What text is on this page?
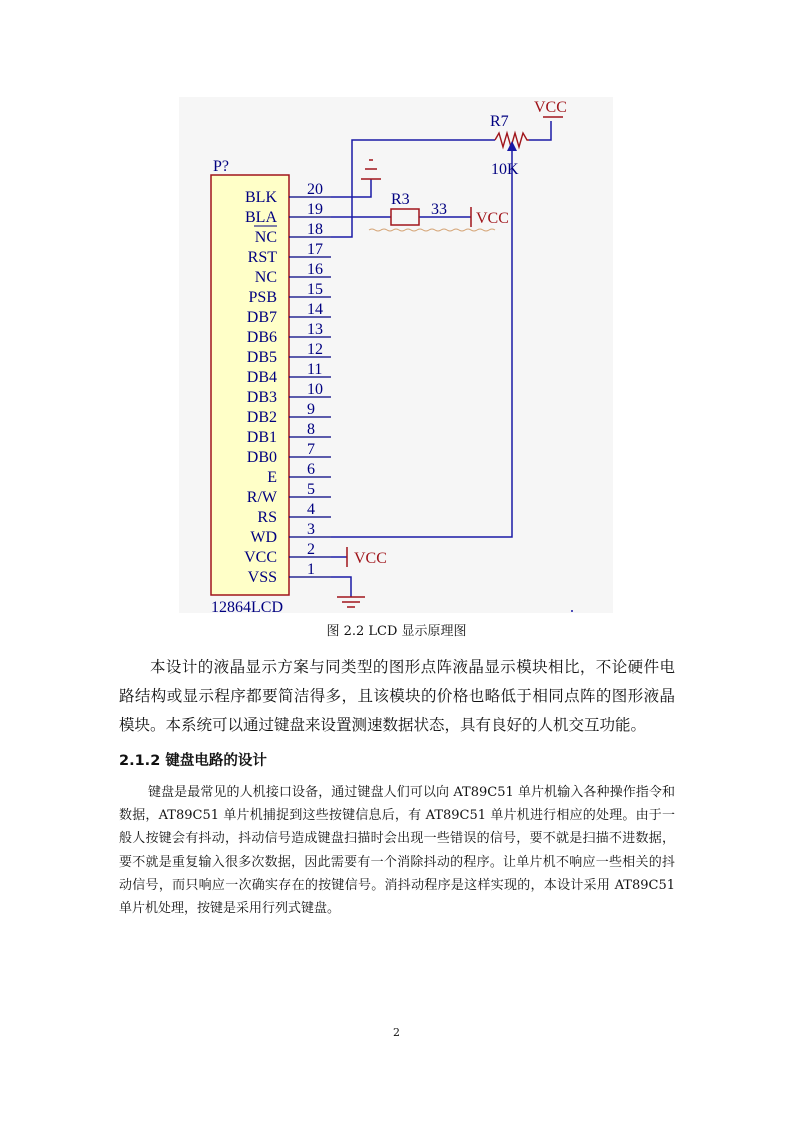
P?
12864LCD
BLK 20
BLA 19
NC 18
RST 17
NC 16
PSB 15
DB7 14
DB6 13
DB5 12
DB4 11
DB3 10
DB2 9
DB1 8
DB0 7
E 6
R/W 5
RS 4
WD 3
VCC 2
VSS 1
R7
10K
VCC
R3
33
VCC
VCC
图 2.2 LCD 显示原理图
本设计的液晶显示方案与同类型的图形点阵液晶显示模块相比，不论硬件电路结构或显示程序都要简洁得多，且该模块的价格也略低于相同点阵的图形液晶模块。本系统可以通过键盘来设置测速数据状态，具有良好的人机交互功能。
2.1.2 键盘电路的设计
键盘是最常见的人机接口设备，通过键盘人们可以向 AT89C51 单片机输入各种操作指令和数据，AT89C51 单片机捕捉到这些按键信息后，有 AT89C51 单片机进行相应的处理。由于一般人按键会有抖动，抖动信号造成键盘扫描时会出现一些错误的信号，要不就是扫描不进数据，要不就是重复输入很多次数据，因此需要有一个消除抖动的程序。让单片机不响应一些相关的抖动信号，而只响应一次确实存在的按键信号。消抖动程序是这样实现的，本设计采用 AT89C51 单片机处理，按键是采用行列式键盘。
2
